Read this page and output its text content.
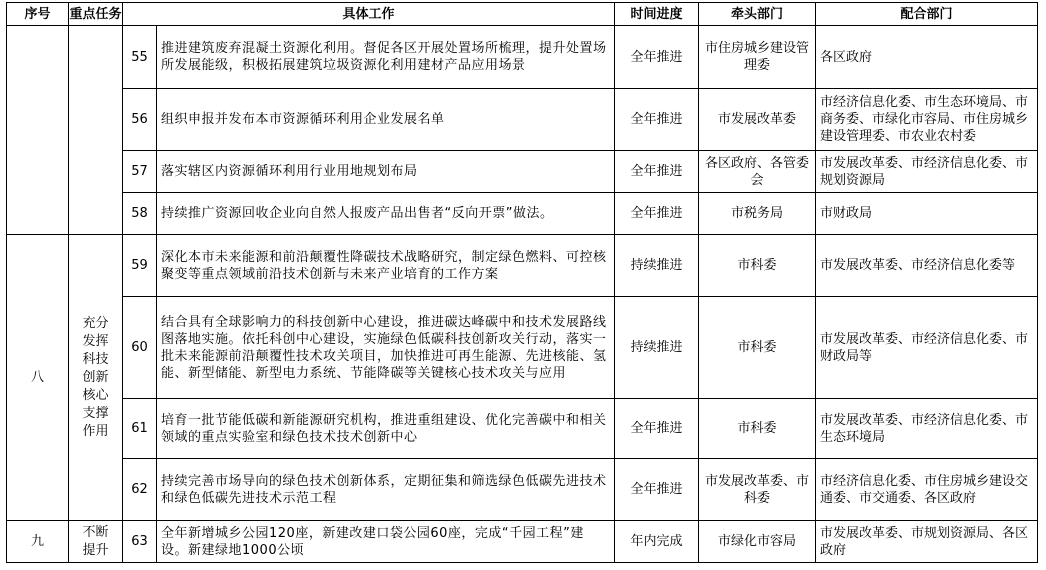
序号	重点任务	具体工作		时间进度	牵头部门	配合部门
		55	推进建筑废弃混凝土资源化利用。督促各区开展处置场所梳理，提升处置场所发展能级，积极拓展建筑垃圾资源化利用建材产品应用场景	全年推进	市住房城乡建设管理委	各区政府
		56	组织申报并发布本市资源循环利用企业发展名单	全年推进	市发展改革委	市经济信息化委、市生态环境局、市商务委、市绿化市容局、市住房城乡建设管理委、市农业农村委
		57	落实辖区内资源循环利用行业用地规划布局	全年推进	各区政府、各管委会	市发展改革委、市经济信息化委、市规划资源局
		58	持续推广资源回收企业向自然人报废产品出售者“反向开票”做法。	全年推进	市税务局	市财政局
八	充分发挥科技创新核心支撑作用	59	深化本市未来能源和前沿颠覆性降碳技术战略研究，制定绿色燃料、可控核聚变等重点领域前沿技术创新与未来产业培育的工作方案	持续推进	市科委	市发展改革委、市经济信息化委等
		60	结合具有全球影响力的科技创新中心建设，推进碳达峰碳中和技术发展路线图落地实施。依托科创中心建设，实施绿色低碳科技创新攻关行动，落实一批未来能源前沿颠覆性技术攻关项目，加快推进可再生能源、先进核能、氢能、新型储能、新型电力系统、节能降碳等关键核心技术攻关与应用	持续推进	市科委	市发展改革委、市经济信息化委、市财政局等
		61	培育一批节能低碳和新能源研究机构，推进重组建设、优化完善碳中和相关领域的重点实验室和绿色技术技术创新中心	全年推进	市科委	市发展改革委、市经济信息化委、市生态环境局
		62	持续完善市场导向的绿色技术创新体系，定期征集和筛选绿色低碳先进技术和绿色低碳先进技术示范工程	全年推进	市发展改革委、市科委	市经济信息化委、市住房城乡建设交通委、市交通委、各区政府
九	不断提升	63	全年新增城乡公园120座，新建改建口袋公园60座，完成“千园工程”建设。新建绿地1000公顷	年内完成	市绿化市容局	市发展改革委、市规划资源局、各区政府
